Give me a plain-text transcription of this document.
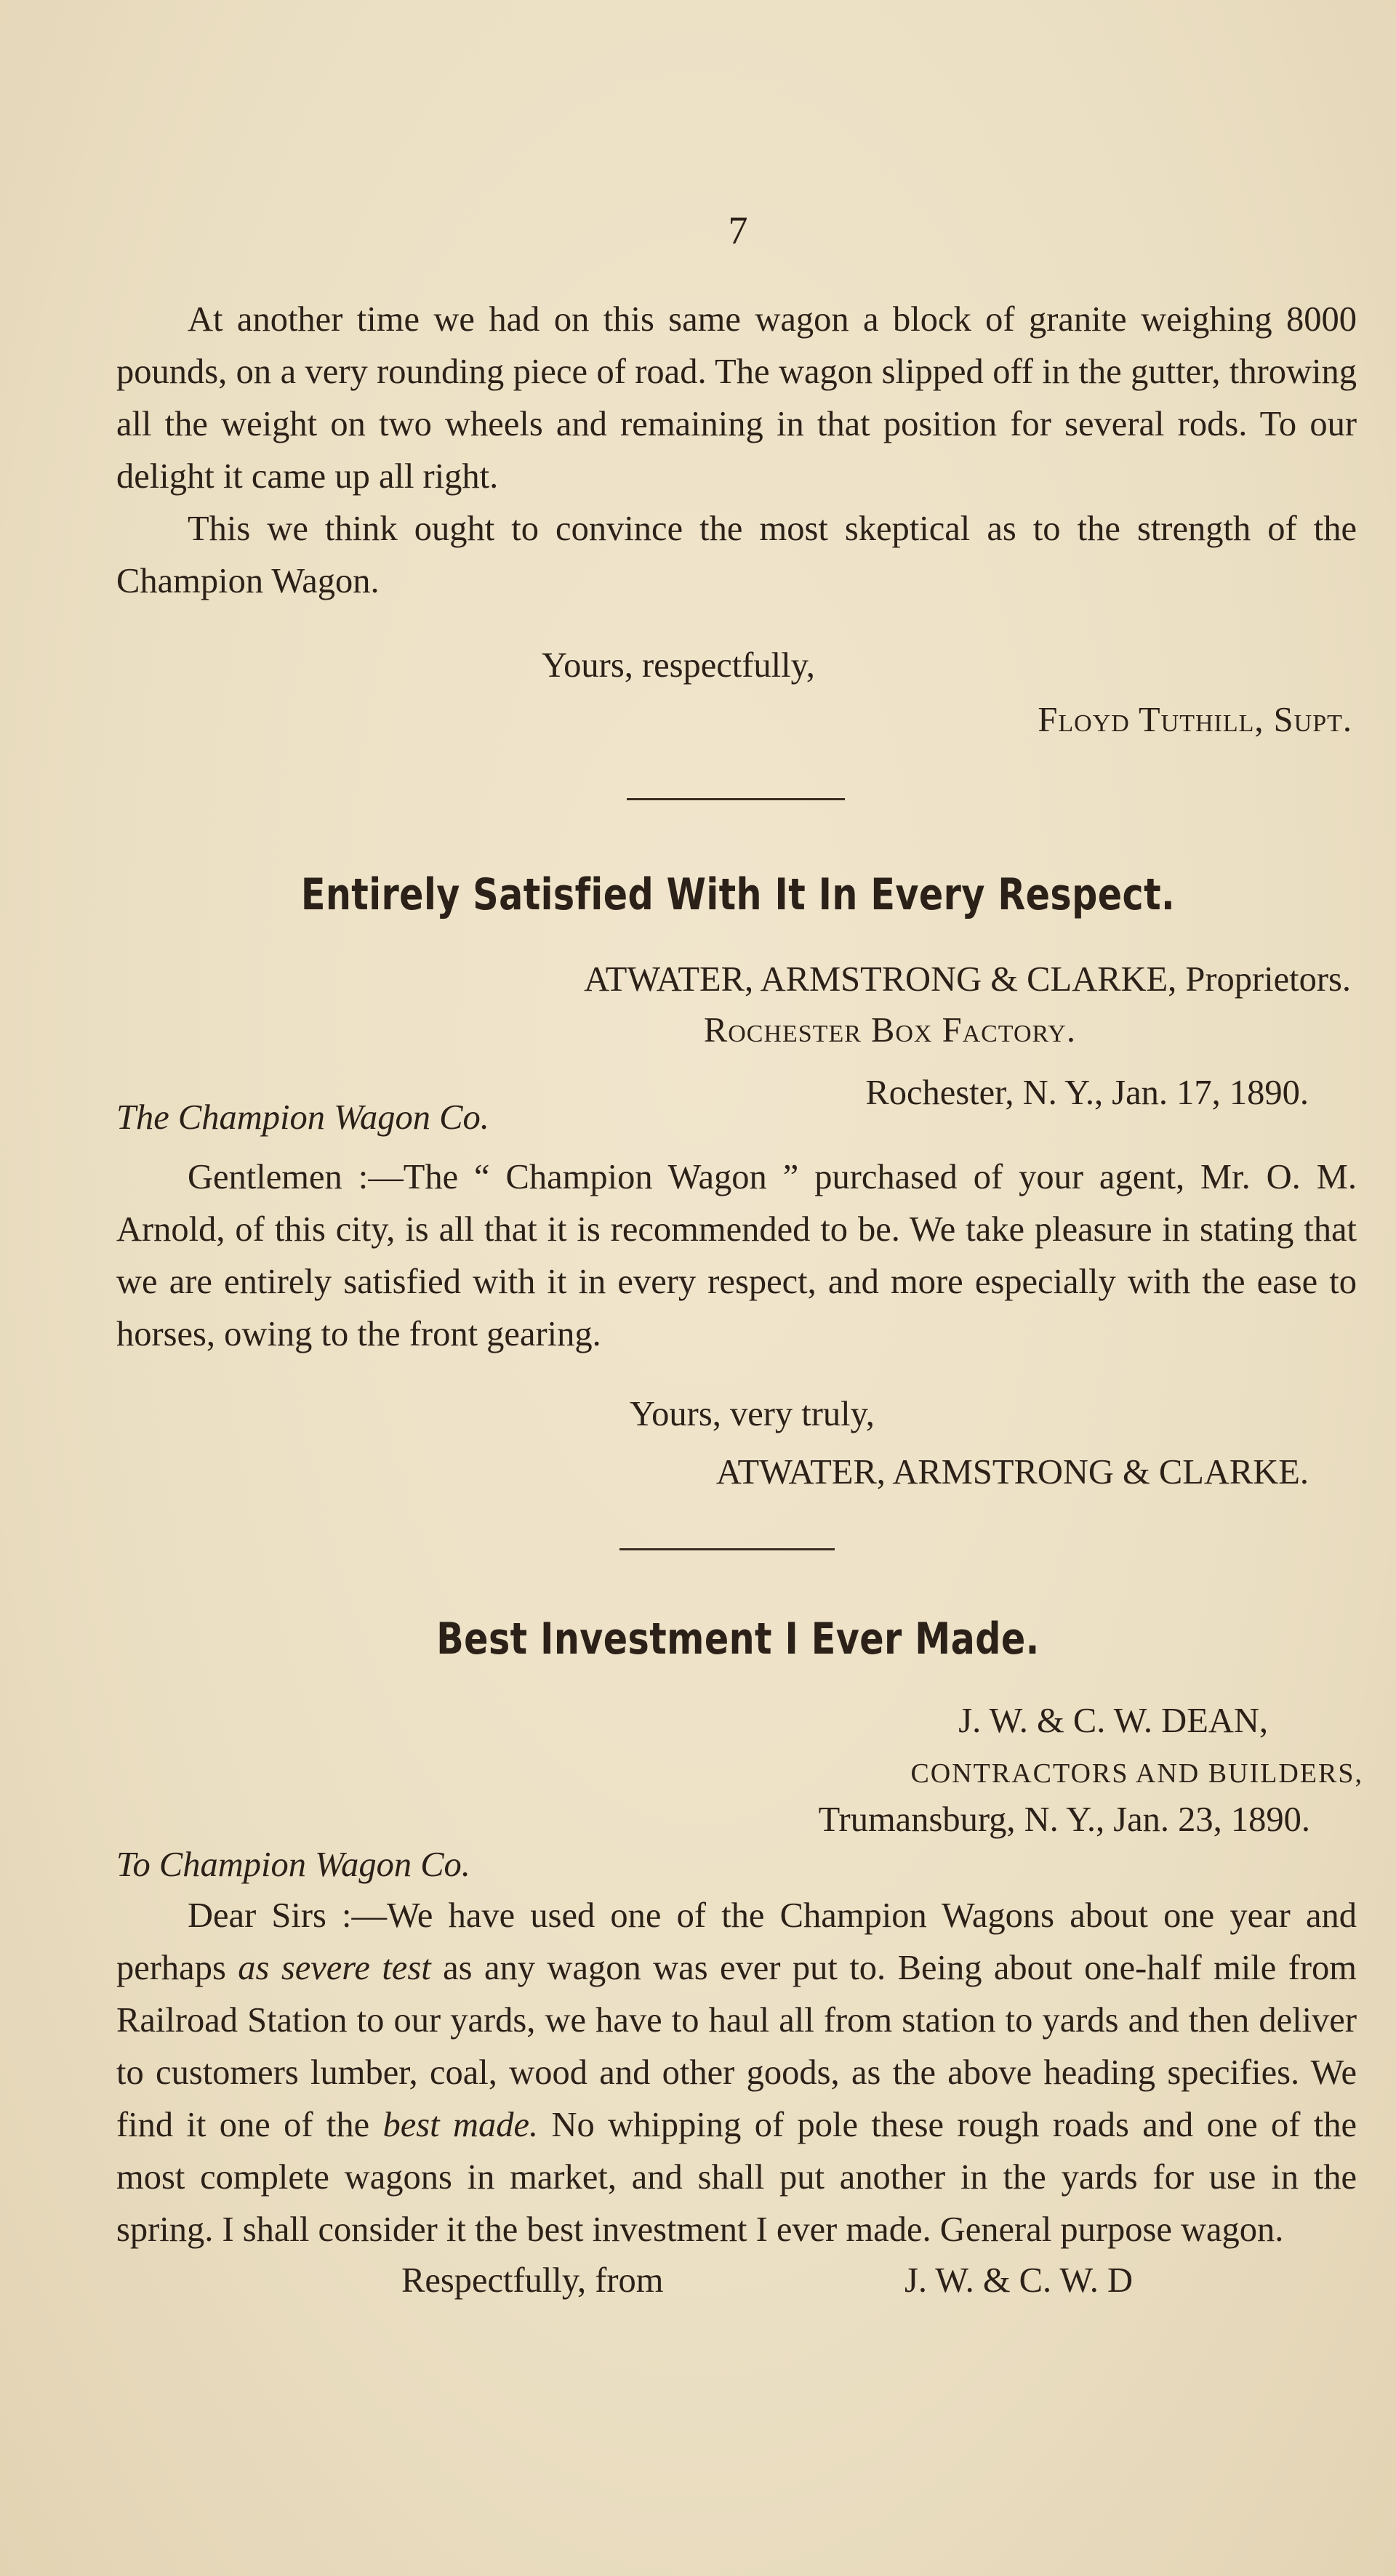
7

At another time we had on this same wagon a block of granite weighing 8000 pounds, on a very rounding piece of road. The wagon slipped off in the gutter, throwing all the weight on two wheels and remaining in that position for several rods. To our delight it came up all right.

This we think ought to convince the most skeptical as to the strength of the Champion Wagon.

Yours, respectfully,
Floyd Tuthill, Supt.
Entirely Satisfied With It In Every Respect.
ATWATER, ARMSTRONG & CLARKE, Proprietors.
Rochester Box Factory.
Rochester, N. Y., Jan. 17, 1890.
The Champion Wagon Co.

Gentlemen :—The “ Champion Wagon ” purchased of your agent, Mr. O. M. Arnold, of this city, is all that it is recommended to be. We take pleasure in stating that we are entirely satisfied with it in every respect, and more especially with the ease to horses, owing to the front gearing.

Yours, very truly,
ATWATER, ARMSTRONG & CLARKE.
Best Investment I Ever Made.
J. W. & C. W. DEAN,
CONTRACTORS AND BUILDERS,
Trumansburg, N. Y., Jan. 23, 1890.
To Champion Wagon Co.

Dear Sirs :—We have used one of the Champion Wagons about one year and perhaps as severe test as any wagon was ever put to. Being about one-half mile from Railroad Station to our yards, we have to haul all from station to yards and then deliver to customers lumber, coal, wood and other goods, as the above heading specifies. We find it one of the best made. No whipping of pole these rough roads and one of the most complete wagons in market, and shall put another in the yards for use in the spring. I shall consider it the best investment I ever made. General purpose wagon.

Respectfully, from	J. W. & C. W. D
